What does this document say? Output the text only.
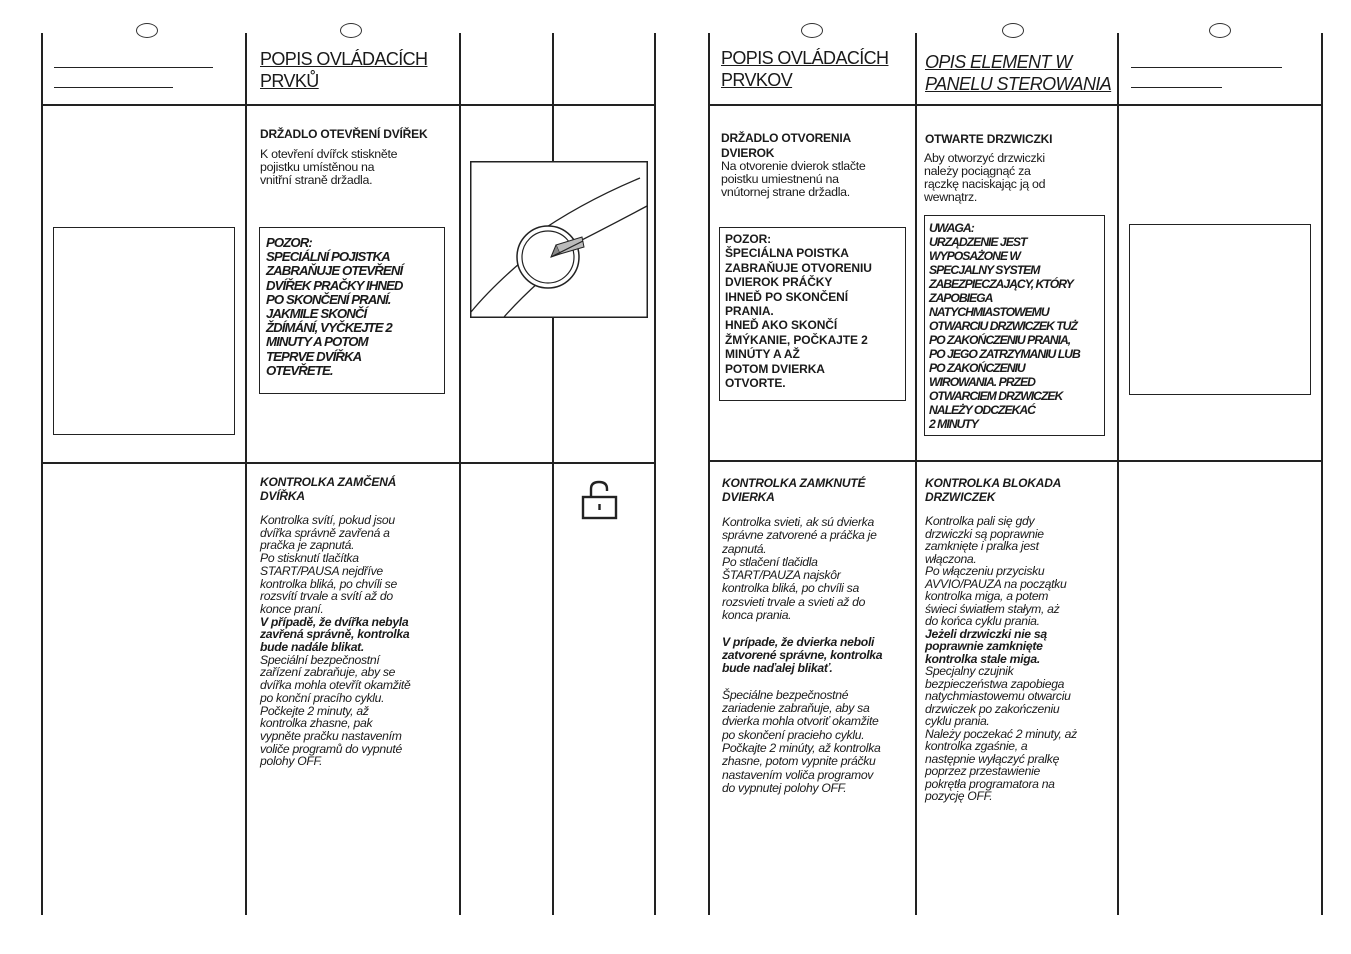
POPIS OVLÁDACÍCH PRVKŮ
POPIS OVLÁDACÍCH PRVKOV
OPIS ELEMENT W PANELU STEROWANIA
DRŽADLO OTEVŘENÍ DVÍŘEK
K otevření dvířck stiskněte
pojistku umístěnou na
vnitřní straně držadla.
POZOR:
SPECIÁLNÍ POJISTKA
ZABRAŇUJE OTEVŘENÍ
DVÍŘEK PRAČKY IHNED
PO SKONČENÍ PRANÍ.
JAKMILE SKONČÍ
ŽDÍMÁNÍ, VYČKEJTE 2
MINUTY A POTOM
TEPRVE DVÍŘKA
OTEVŘETE.
KONTROLKA ZAMČENÁ DVÍŘKA
Kontrolka svítí, pokud jsou
dvířka správně zavřená a
pračka je zapnutá.
Po stisknutí tlačítka
START/PAUSA nejdříve
kontrolka bliká, po chvíli se
rozsvítí trvale a svítí až do
konce praní.
V případě, že dvířka nebyla
zavřená správně, kontrolka
bude nadále blikat.
Speciální bezpečnostní
zařízení zabraňuje, aby se
dvířka mohla otevřít okamžitě
po konční pracího cyklu.
Počkejte 2 minuty, až
kontrolka zhasne, pak
vypněte pračku nastavením
voliče programů do vypnuté
polohy OFF.
DRŽADLO OTVORENIA
DVIEROK
Na otvorenie dvierok stlačte
poistku umiestnenú na
vnútornej strane držadla.
POZOR:
ŠPECIÁLNA POISTKA
ZABRAŇUJE OTVORENIU
DVIEROK PRÁČKY
IHNEĎ PO SKONČENÍ
PRANIA.
HNEĎ AKO SKONČÍ
ŽMÝKANIE, POČKAJTE 2
MINÚTY A AŽ
POTOM DVIERKA
OTVORTE.
KONTROLKA ZAMKNUTÉ
DVIERKA
Kontrolka svieti, ak sú dvierka
správne zatvorené a práčka je
zapnutá.
Po stlačení tlačidla
ŠTART/PAUZA najskôr
kontrolka bliká, po chvíli sa
rozsvieti trvale a svieti až do
konca prania.

V prípade, že dvierka neboli
zatvorené správne, kontrolka
bude naďalej blikať.

Špeciálne bezpečnostné
zariadenie zabraňuje, aby sa
dvierka mohla otvoriť okamžite
po skončení pracieho cyklu.
Počkajte 2 minúty, až kontrolka
zhasne, potom vypnite práčku
nastavením voliča programov
do vypnutej polohy OFF.
OTWARTE DRZWICZKI
Aby otworzyć drzwiczki
należy pociągnąć za
rączkę naciskając ją od
wewnątrz.
UWAGA:
URZĄDZENIE JEST
WYPOSAŻONE W
SPECJALNY SYSTEM
ZABEZPIECZAJĄCY, KTÓRY
ZAPOBIEGA
NATYCHMIASTOWEMU
OTWARCIU DRZWICZEK TUŻ
PO ZAKOŃCZENIU PRANIA,
PO JEGO ZATRZYMANIU LUB
PO ZAKOŃCZENIU
WIROWANIA. PRZED
OTWARCIEM DRZWICZEK
NALEŻY ODCZEKAĆ
2 MINUTY
KONTROLKA BLOKADA
DRZWICZEK
Kontrolka pali się gdy
drzwiczki są poprawnie
zamknięte i pralka jest
włączona.
Po włączeniu przycisku
AVVIO/PAUZA na początku
kontrolka miga, a potem
świeci światłem stałym, aż
do końca cyklu prania.
Jeżeli drzwiczki nie są
poprawnie zamknięte
kontrolka stale miga.
Specjalny czujnik
bezpieczeństwa zapobiega
natychmiastowemu otwarciu
drzwiczek po zakończeniu
cyklu prania.
Należy poczekać 2 minuty, aż
kontrolka zgaśnie, a
następnie wyłączyć pralkę
poprzez przestawienie
pokrętła programatora na
pozycję OFF.
